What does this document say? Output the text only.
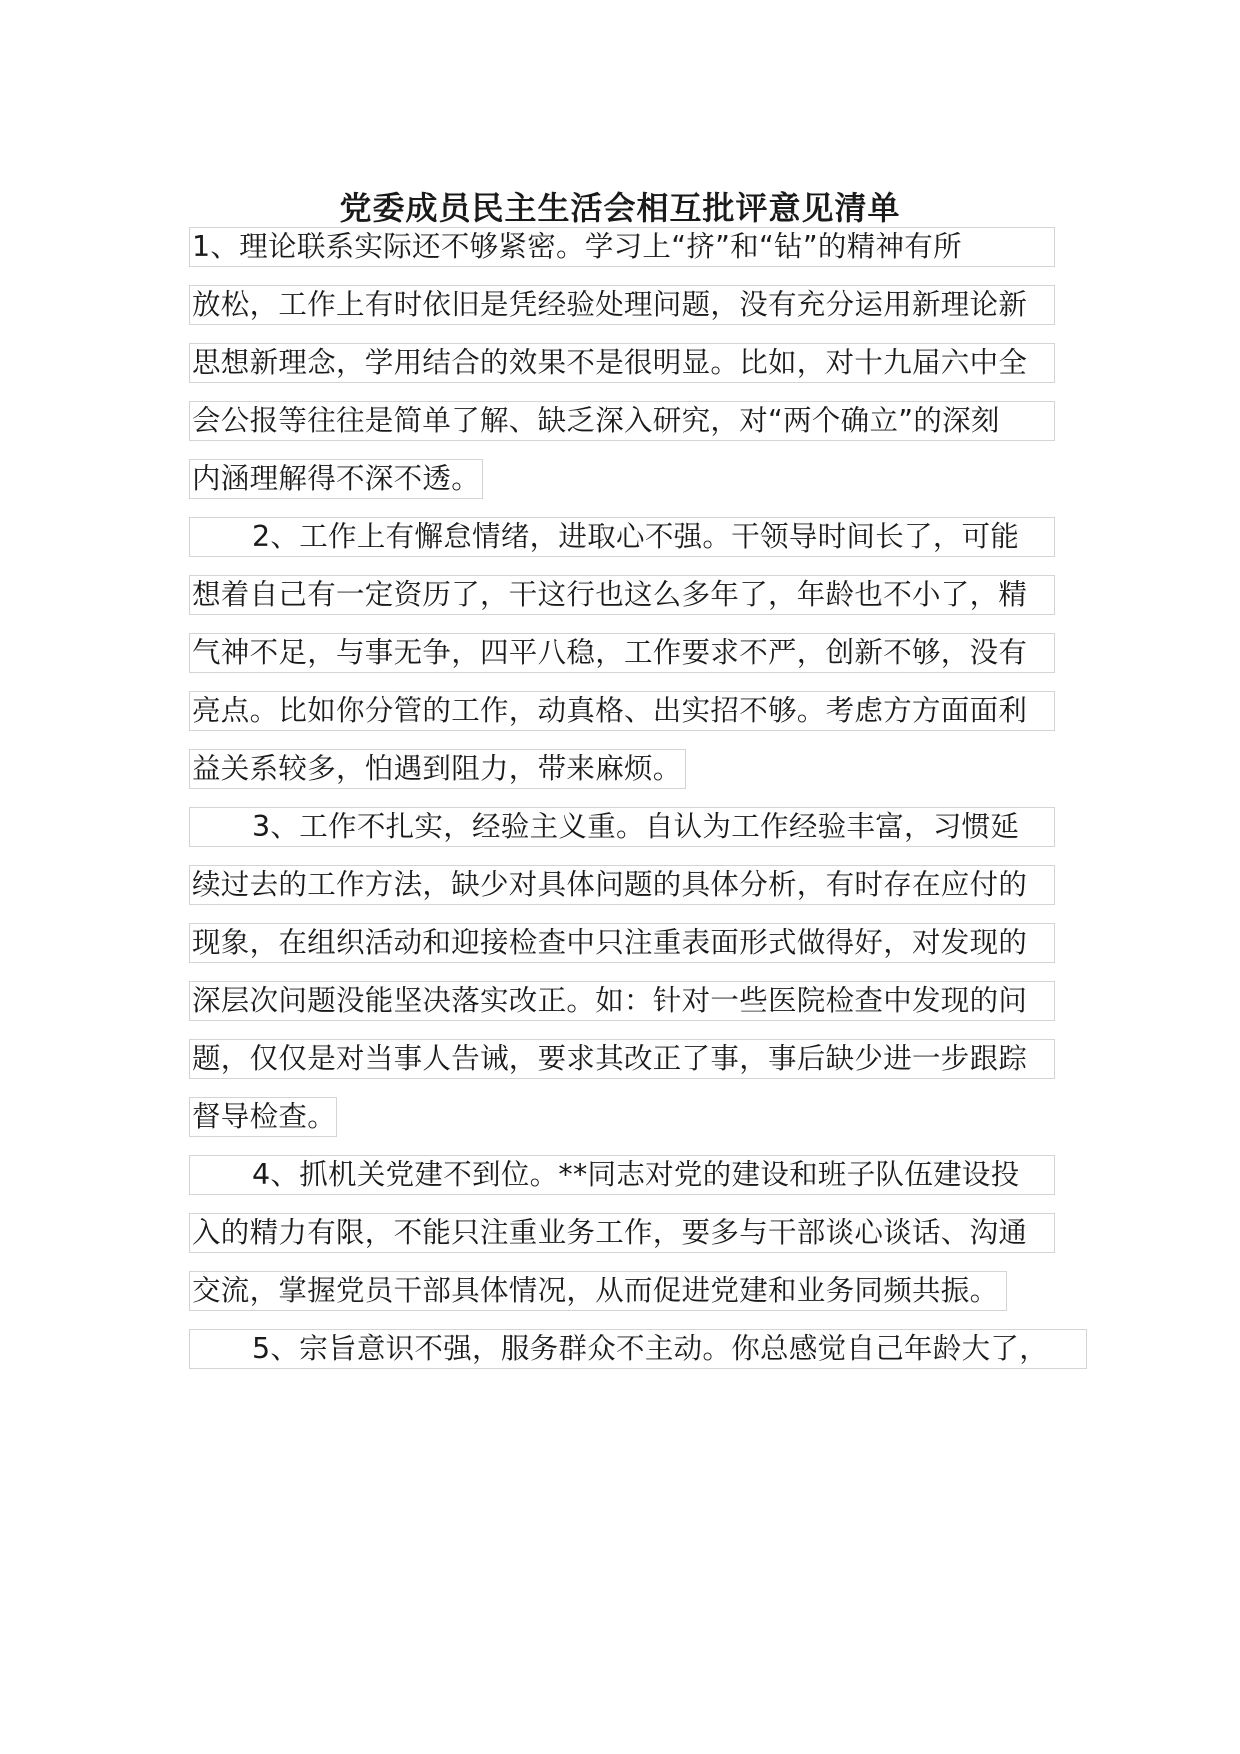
党委成员民主生活会相互批评意见清单
1、理论联系实际还不够紧密。学习上“挤”和“钻”的精神有所
放松，工作上有时依旧是凭经验处理问题，没有充分运用新理论新
思想新理念，学用结合的效果不是很明显。比如，对十九届六中全
会公报等往往是简单了解、缺乏深入研究，对“两个确立”的深刻
内涵理解得不深不透。
2、工作上有懈怠情绪，进取心不强。干领导时间长了，可能
想着自己有一定资历了，干这行也这么多年了，年龄也不小了，精
气神不足，与事无争，四平八稳，工作要求不严，创新不够，没有
亮点。比如你分管的工作，动真格、出实招不够。考虑方方面面利
益关系较多，怕遇到阻力，带来麻烦。
3、工作不扎实，经验主义重。自认为工作经验丰富，习惯延
续过去的工作方法，缺少对具体问题的具体分析，有时存在应付的
现象，在组织活动和迎接检查中只注重表面形式做得好，对发现的
深层次问题没能坚决落实改正。如：针对一些医院检查中发现的问
题，仅仅是对当事人告诫，要求其改正了事，事后缺少进一步跟踪
督导检查。
4、抓机关党建不到位。**同志对党的建设和班子队伍建设投
入的精力有限，不能只注重业务工作，要多与干部谈心谈话、沟通
交流，掌握党员干部具体情况，从而促进党建和业务同频共振。
5、宗旨意识不强，服务群众不主动。你总感觉自己年龄大了，
